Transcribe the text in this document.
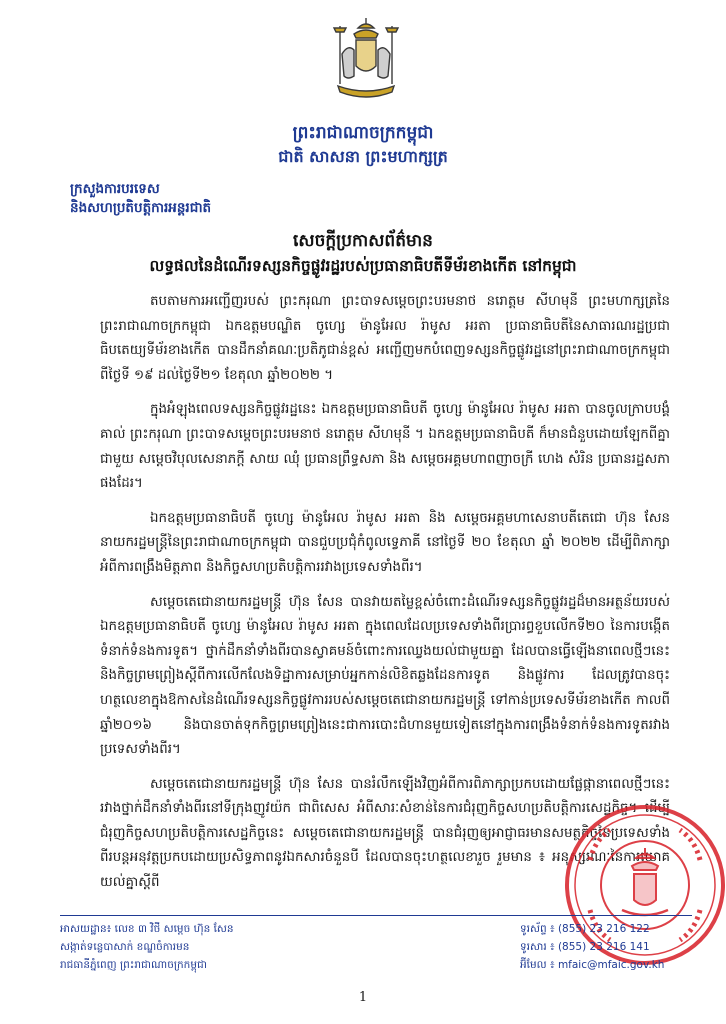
ព្រះរាជាណាចក្រកម្ពុជា
ជាតិ សាសនា ព្រះមហាក្សត្រ
ក្រសួងការបរទេស
និងសហប្រតិបត្តិការអន្តរជាតិ
សេចក្តីប្រកាសព័ត៌មាន
លទ្ធផលនៃដំណើរទស្សនកិច្ចផ្លូវរដ្ឋរបស់ប្រធានាធិបតីទីម័រខាងកើត នៅកម្ពុជា

តបតាមការអញ្ជើញរបស់ ព្រះករុណា ព្រះបាទសម្តេចព្រះបរមនាថ នរោត្តម សីហមុនី ព្រះមហាក្សត្រនៃព្រះរាជាណាចក្រកម្ពុជា ឯកឧត្តមបណ្ឌិត ចូហ្សេ ម៉ានូអែល រ៉ាមូស អរតា ប្រធានាធិបតីនៃសាធារណរដ្ឋប្រជាធិបតេយ្យទីម័រខាងកើត បានដឹកនាំគណៈប្រតិភូជាន់ខ្ពស់ អញ្ជើញមកបំពេញទស្សនកិច្ចផ្លូវរដ្ឋនៅព្រះរាជាណាចក្រកម្ពុជា ពីថ្ងៃទី ១៩ ដល់ថ្ងៃទី២១ ខែតុលា ឆ្នាំ២០២២ ។

ក្នុងអំឡុងពេលទស្សនកិច្ចផ្លូវរដ្ឋនេះ ឯកឧត្តមប្រធានាធិបតី ចូហ្សេ ម៉ានូអែល រ៉ាមូស អរតា បានចូលក្រាបបង្គំគាល់ ព្រះករុណា ព្រះបាទសម្តេចព្រះបរមនាថ នរោត្តម សីហមុនី ។ ឯកឧត្តមប្រធានាធិបតី ក៏មានជំនួបដោយឡែកពីគ្នាជាមួយ សម្តេចវិបុលសេនាភក្តី សាយ ឈុំ ប្រធានព្រឹទ្ធសភា និង សម្តេចអគ្គមហាពញាចក្រី ហេង សំរិន ប្រធានរដ្ឋសភា ផងដែរ។

ឯកឧត្តមប្រធានាធិបតី ចូហ្សេ ម៉ានូអែល រ៉ាមូស អរតា និង សម្តេចអគ្គមហាសេនាបតីតេជោ ហ៊ុន សែន នាយករដ្ឋមន្រ្តីនៃព្រះរាជាណាចក្រកម្ពុជា បានជួបប្រជុំកំពូលទ្វេភាគី នៅថ្ងៃទី ២០ ខែតុលា ឆ្នាំ ២០២២ ដើម្បីពិភាក្សាអំពីការពង្រឹងមិត្តភាព និងកិច្ចសហប្រតិបត្តិការរវាងប្រទេសទាំងពីរ។

សម្តេចតេជោនាយករដ្ឋមន្ត្រី ហ៊ុន សែន បានវាយតម្លៃខ្ពស់ចំពោះដំណើរទស្សនកិច្ចផ្លូវរដ្ឋដ៏មានអត្ថន័យរបស់ ឯកឧត្តមប្រធានាធិបតី ចូហ្សេ ម៉ានូអែល រ៉ាមូស អរតា ក្នុងពេលដែលប្រទេសទាំងពីរប្រារព្ធខួបលើកទី២០ នៃការបង្កើតទំនាក់ទំនងការទូត។ ថ្នាក់ដឹកនាំទាំងពីរបានស្វាគមន៍ចំពោះការឈ្វេងយល់ជាមួយគ្នា ដែលបានធ្វើឡើងនាពេលថ្មីៗនេះ និងកិច្ចព្រមព្រៀងស្តីពីការលើកលែងទិដ្ឋាការសម្រាប់អ្នកកាន់លិខិតឆ្លងដែនការទូត និងផ្លូវការ ដែលត្រូវបានចុះហត្ថលេខាក្នុងឱកាសនៃដំណើរទស្សនកិច្ចផ្លូវការរបស់សម្តេចតេជោនាយករដ្ឋមន្ត្រី ទៅកាន់ប្រទេសទីម័រខាងកើត កាលពីឆ្នាំ២០១៦ និងបានចាត់ទុកកិច្ចព្រមព្រៀងនេះជាការបោះជំហានមួយទៀតនៅក្នុងការពង្រឹងទំនាក់ទំនងការទូតរវាងប្រទេសទាំងពីរ។

សម្តេចតេជោនាយករដ្ឋមន្ត្រី ហ៊ុន សែន បានរំលឹកឡើងវិញអំពីការពិភាក្សាប្រកបដោយផ្លែផ្កានាពេលថ្មីៗនេះរវាងថ្នាក់ដឹកនាំទាំងពីរនៅទីក្រុងញូវយ៉ក ជាពិសេស អំពីសារៈសំខាន់នៃការជំរុញកិច្ចសហប្រតិបត្តិការសេដ្ឋកិច្ច។ ដើម្បីជំរុញកិច្ចសហប្រតិបត្តិការសេដ្ឋកិច្ចនេះ សម្តេចតេជោនាយករដ្ឋមន្ត្រី បានជំរុញឲ្យអាជ្ញាធរមានសមត្ថកិច្ចនៃប្រទេសទាំងពីរបន្តអនុវត្តប្រកបដោយប្រសិទ្ធភាពនូវឯកសារចំនួនបី ដែលបានចុះហត្ថលេខារួច រួមមាន ៖ អនុស្សរណៈនៃការយោគយល់គ្នាស្តីពី

អាសយដ្ឋាន៖ លេខ ៣ វិថី សម្តេច ហ៊ុន សែន
សង្កាត់ទន្លេបាសាក់ ខណ្ឌចំការមន
រាជធានីភ្នំពេញ ព្រះរាជាណាចក្រកម្ពុជា
ទូរស័ព្ទ ៖ (855) 23 216 122
ទូរសារ ៖ (855) 23 216 141
អ៊ីមែល ៖ mfaic@mfaic.gov.kh
1
